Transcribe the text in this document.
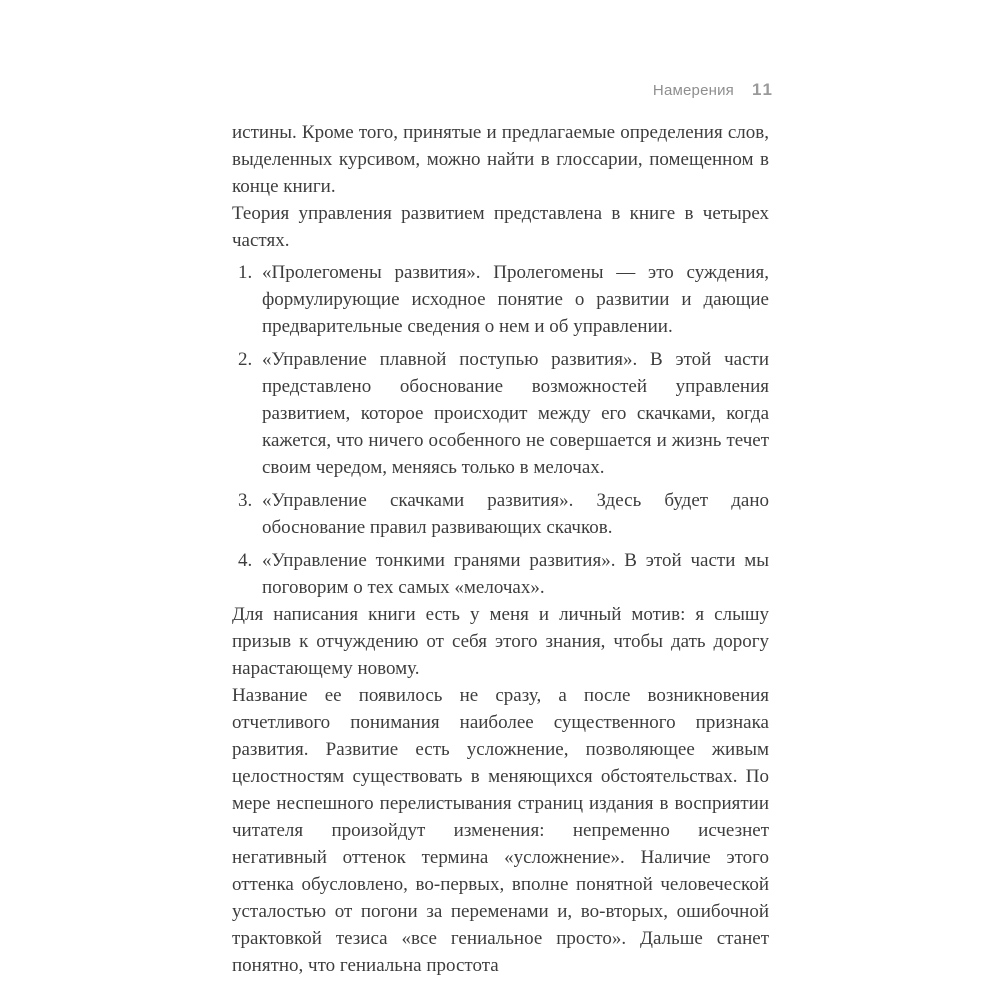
Намерения 11

истины. Кроме того, принятые и предлагаемые определения слов, выделенных курсивом, можно найти в глоссарии, помещенном в конце книги.

Теория управления развитием представлена в книге в четырех частях.

1. «Пролегомены развития». Пролегомены — это суждения, формулирующие исходное понятие о развитии и дающие предварительные сведения о нем и об управлении.
2. «Управление плавной поступью развития». В этой части представлено обоснование возможностей управления развитием, которое происходит между его скачками, когда кажется, что ничего особенного не совершается и жизнь течет своим чередом, меняясь только в мелочах.
3. «Управление скачками развития». Здесь будет дано обоснование правил развивающих скачков.
4. «Управление тонкими гранями развития». В этой части мы поговорим о тех самых «мелочах».

Для написания книги есть у меня и личный мотив: я слышу призыв к отчуждению от себя этого знания, чтобы дать дорогу нарастающему новому.

Название ее появилось не сразу, а после возникновения отчетливого понимания наиболее существенного признака развития. Развитие есть усложнение, позволяющее живым целостностям существовать в меняющихся обстоятельствах. По мере неспешного перелистывания страниц издания в восприятии читателя произойдут изменения: непременно исчезнет негативный оттенок термина «усложнение». Наличие этого оттенка обусловлено, во-первых, вполне понятной человеческой усталостью от погони за переменами и, во-вторых, ошибочной трактовкой тезиса «все гениальное просто». Дальше станет понятно, что гениальна простота
